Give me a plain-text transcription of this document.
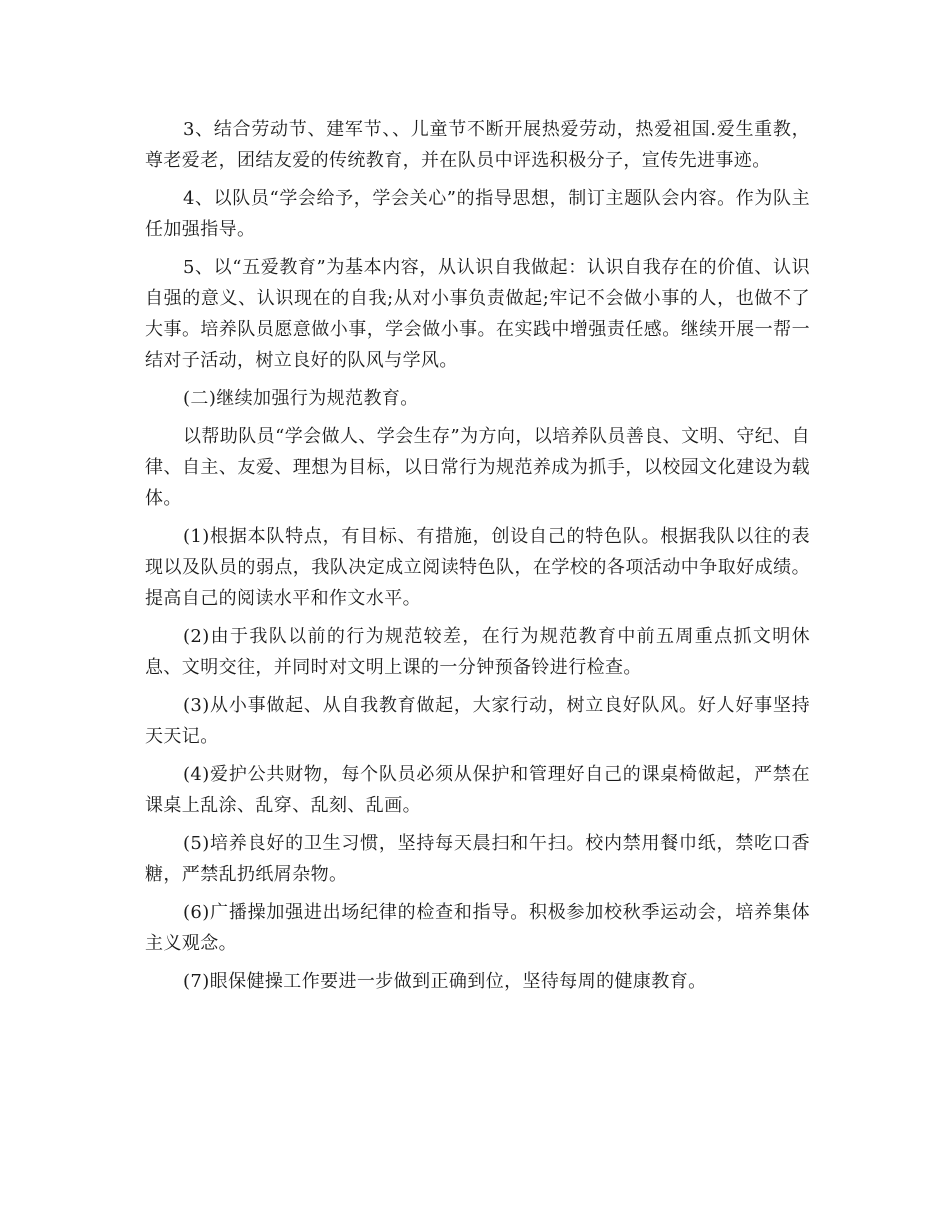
3、结合劳动节、建军节、、儿童节不断开展热爱劳动，热爱祖国.爱生重教，尊老爱老，团结友爱的传统教育，并在队员中评选积极分子，宣传先进事迹。

4、以队员“学会给予，学会关心”的指导思想，制订主题队会内容。作为队主任加强指导。

5、以“五爱教育”为基本内容，从认识自我做起：认识自我存在的价值、认识自强的意义、认识现在的自我;从对小事负责做起;牢记不会做小事的人，也做不了大事。培养队员愿意做小事，学会做小事。在实践中增强责任感。继续开展一帮一结对子活动，树立良好的队风与学风。

(二)继续加强行为规范教育。

以帮助队员“学会做人、学会生存”为方向，以培养队员善良、文明、守纪、自律、自主、友爱、理想为目标，以日常行为规范养成为抓手，以校园文化建设为载体。

(1)根据本队特点，有目标、有措施，创设自己的特色队。根据我队以往的表现以及队员的弱点，我队决定成立阅读特色队，在学校的各项活动中争取好成绩。提高自己的阅读水平和作文水平。

(2)由于我队以前的行为规范较差，在行为规范教育中前五周重点抓文明休息、文明交往，并同时对文明上课的一分钟预备铃进行检查。

(3)从小事做起、从自我教育做起，大家行动，树立良好队风。好人好事坚持天天记。

(4)爱护公共财物，每个队员必须从保护和管理好自己的课桌椅做起，严禁在课桌上乱涂、乱穿、乱刻、乱画。

(5)培养良好的卫生习惯，坚持每天晨扫和午扫。校内禁用餐巾纸，禁吃口香糖，严禁乱扔纸屑杂物。

(6)广播操加强进出场纪律的检查和指导。积极参加校秋季运动会，培养集体主义观念。

(7)眼保健操工作要进一步做到正确到位，坚待每周的健康教育。
